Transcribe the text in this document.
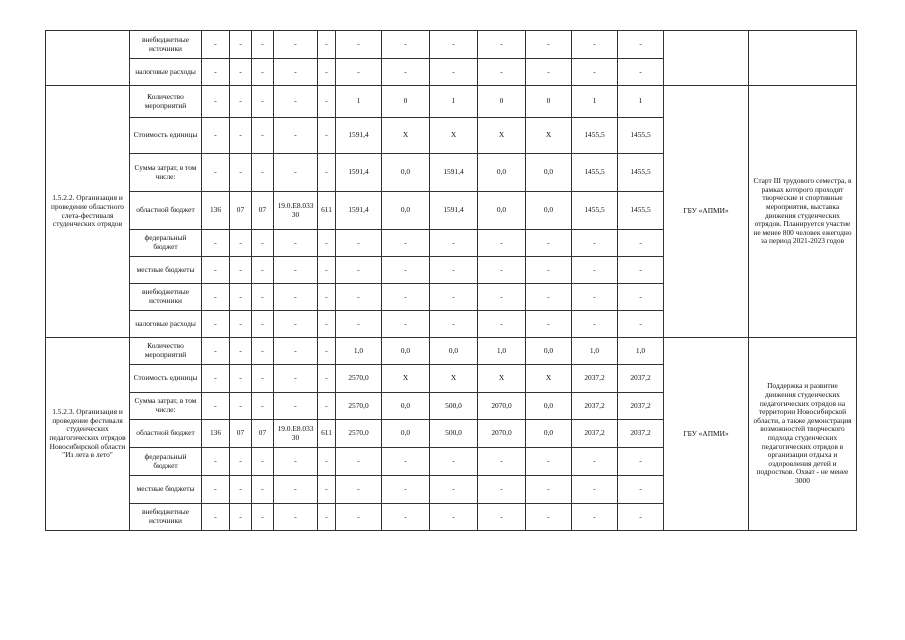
	внебюджетные источники	-	-	-	-	-	-	-	-	-	-	-	-		
	налоговые расходы	-	-	-	-	-	-	-	-	-	-	-	-		
1.5.2.2. Организация и проведение областного слета-фестиваля студенческих отрядов	Количество мероприятий	-	-	-	-	-	1	0	1	0	0	1	1	ГБУ «АПМИ»	Старт III трудового семестра, в рамках которого проходят творческие и спортивные мероприятия, выставка движения студенческих отрядов. Планируется участие не менее 800 человек ежегодно за период 2021-2023 годов
	Стоимость единицы	-	-	-	-	-	1591,4	X	X	X	X	1455,5	1455,5		
	Сумма затрат, в том числе:	-	-	-	-	-	1591,4	0,0	1591,4	0,0	0,0	1455,5	1455,5		
	областной бюджет	136	07	07	19.0.E8.03330	611	1591,4	0,0	1591,4	0,0	0,0	1455,5	1455,5		
	федеральный бюджет	-	-	-	-	-	-	-	-	-	-	-	-		
	местные бюджеты	-	-	-	-	-	-	-	-	-	-	-	-		
	внебюджетные источники	-	-	-	-	-	-	-	-	-	-	-	-		
	налоговые расходы	-	-	-	-	-	-	-	-	-	-	-	-		
1.5.2.3. Организация и проведение фестиваля студенческих педагогических отрядов Новосибирской области "Из лета в лето"	Количество мероприятий	-	-	-	-	-	1,0	0,0	0,0	1,0	0,0	1,0	1,0	ГБУ «АПМИ»	Поддержка и развитие движения студенческих педагогических отрядов на территории Новосибирской области, а также демонстрация возможностей творческого подхода студенческих педагогических отрядов в организации отдыха и оздоровления детей и подростков. Охват - не менее 3000
	Стоимость единицы	-	-	-	-	-	2570,0	X	X	X	X	2037,2	2037,2		
	Сумма затрат, в том числе:	-	-	-	-	-	2570,0	0,0	500,0	2070,0	0,0	2037,2	2037,2		
	областной бюджет	136	07	07	19.0.E8.03330	611	2570,0	0,0	500,0	2070,0	0,0	2037,2	2037,2		
	федеральный бюджет	-	-	-	-	-	-	-	-	-	-	-	-		
	местные бюджеты	-	-	-	-	-	-	-	-	-	-	-	-		
	внебюджетные источники	-	-	-	-	-	-	-	-	-	-	-	-		
